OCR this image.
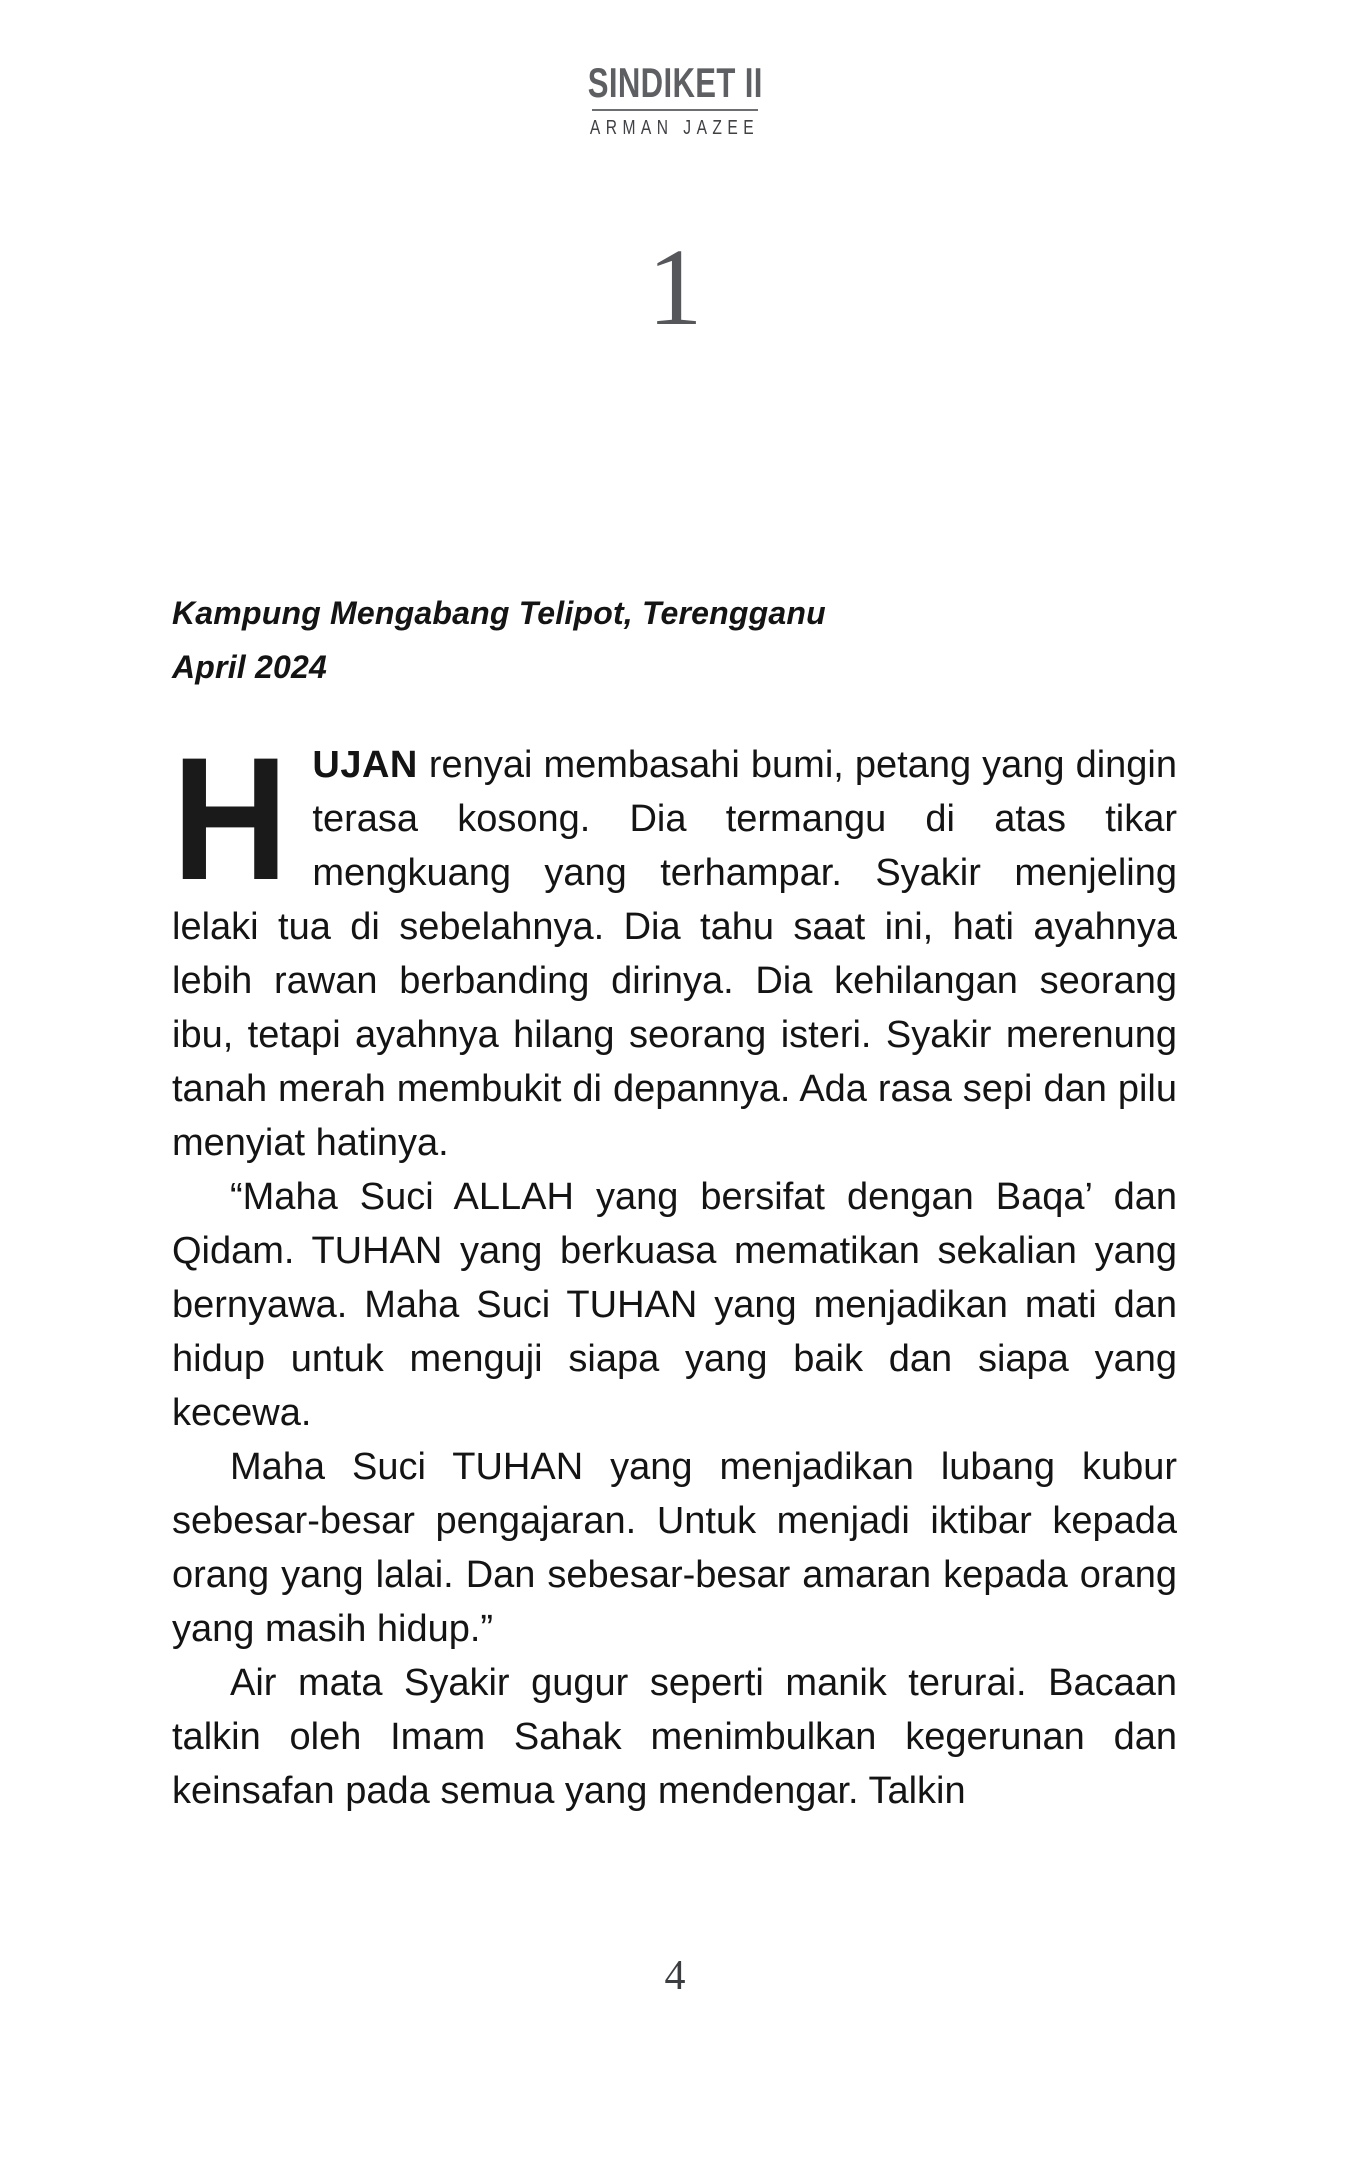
SINDIKET II
ARMAN JAZEE
1
Kampung Mengabang Telipot, Terengganu
April 2024

HUJAN renyai membasahi bumi, petang yang dingin terasa kosong. Dia termangu di atas tikar mengkuang yang terhampar. Syakir menjeling lelaki tua di sebelahnya. Dia tahu saat ini, hati ayahnya lebih rawan berbanding dirinya. Dia kehilangan seorang ibu, tetapi ayahnya hilang seorang isteri. Syakir merenung tanah merah membukit di depannya. Ada rasa sepi dan pilu menyiat hatinya.

“Maha Suci ALLAH yang bersifat dengan Baqa’ dan Qidam. TUHAN yang berkuasa mematikan sekalian yang bernyawa. Maha Suci TUHAN yang menjadikan mati dan hidup untuk menguji siapa yang baik dan siapa yang kecewa.

Maha Suci TUHAN yang menjadikan lubang kubur sebesar-besar pengajaran. Untuk menjadi iktibar kepada orang yang lalai. Dan sebesar-besar amaran kepada orang yang masih hidup.”

Air mata Syakir gugur seperti manik terurai. Bacaan talkin oleh Imam Sahak menimbulkan kegerunan dan keinsafan pada semua yang mendengar. Talkin

4
